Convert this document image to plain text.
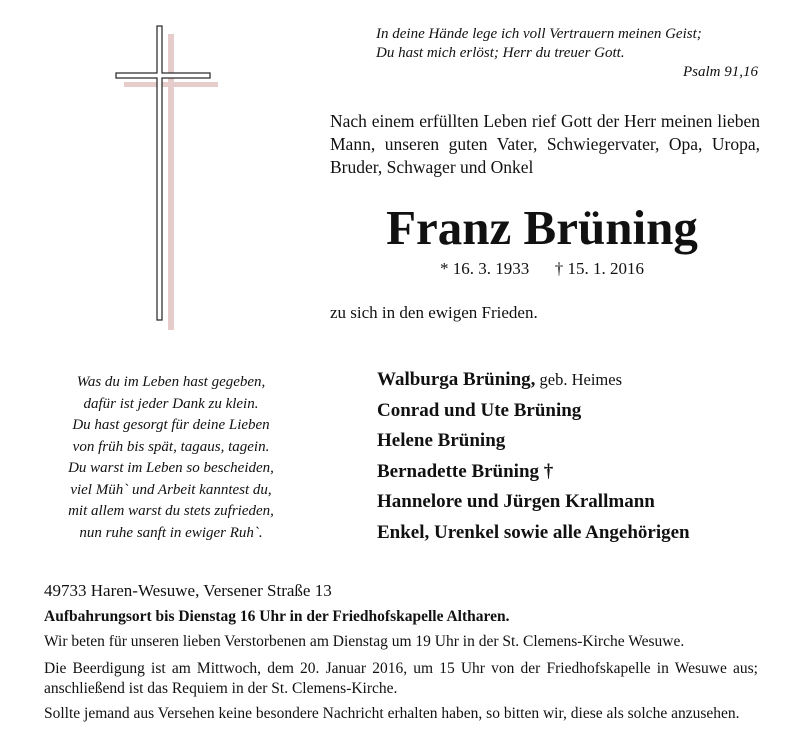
In deine Hände lege ich voll Vertrauern meinen Geist;
Du hast mich erlöst; Herr du treuer Gott.
Psalm 91,16
Nach einem erfüllten Leben rief Gott der Herr meinen lieben Mann, unseren guten Vater, Schwiegervater, Opa, Uropa, Bruder, Schwager und Onkel
Franz Brüning
* 16. 3. 1933      † 15. 1. 2016
zu sich in den ewigen Frieden.
Was du im Leben hast gegeben,
dafür ist jeder Dank zu klein.
Du hast gesorgt für deine Lieben
von früh bis spät, tagaus, tagein.
Du warst im Leben so bescheiden,
viel Müh` und Arbeit kanntest du,
mit allem warst du stets zufrieden,
nun ruhe sanft in ewiger Ruh`.
Walburga Brüning, geb. Heimes
Conrad und Ute Brüning
Helene Brüning
Bernadette Brüning †
Hannelore und Jürgen Krallmann
Enkel, Urenkel sowie alle Angehörigen
49733 Haren-Wesuwe, Versener Straße 13
Aufbahrungsort bis Dienstag 16 Uhr in der Friedhofskapelle Altharen.
Wir beten für unseren lieben Verstorbenen am Dienstag um 19 Uhr in der St. Clemens-Kirche Wesuwe.
Die Beerdigung ist am Mittwoch, dem 20. Januar 2016, um 15 Uhr von der Friedhofskapelle in Wesuwe aus; anschließend ist das Requiem in der St. Clemens-Kirche.
Sollte jemand aus Versehen keine besondere Nachricht erhalten haben, so bitten wir, diese als solche anzusehen.
